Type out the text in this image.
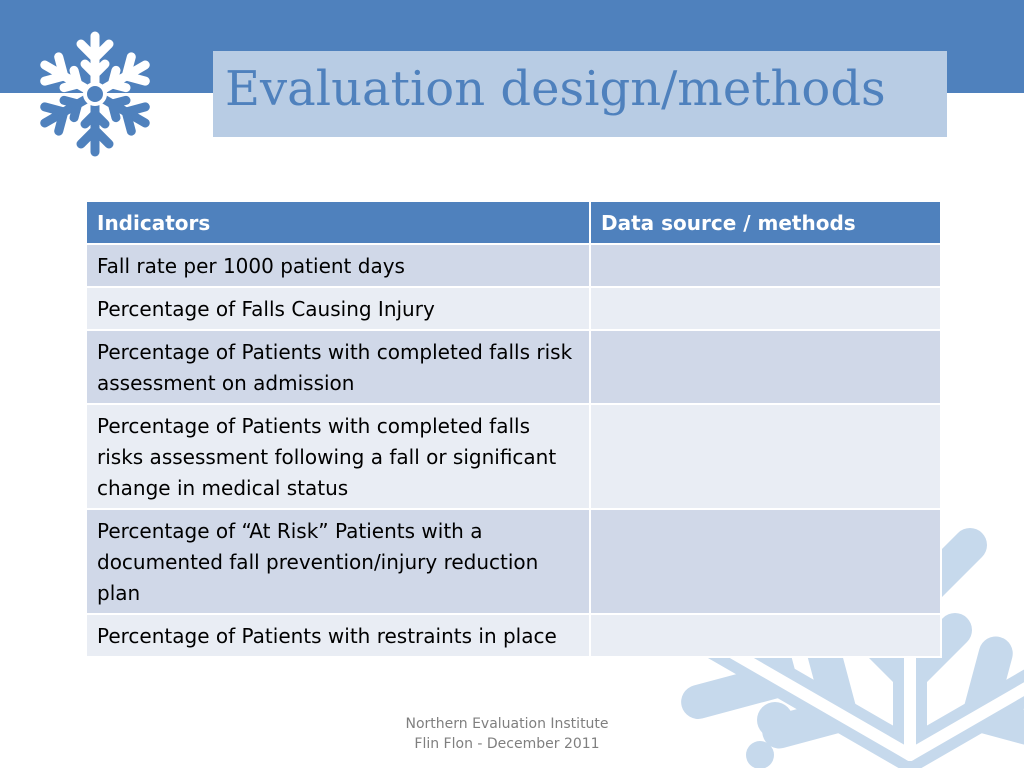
Evaluation design/methods
Indicators	Data source / methods
Fall rate per 1000 patient days	
Percentage of Falls Causing Injury	
Percentage of Patients with completed falls risk assessment on admission	
Percentage of Patients with completed falls risks assessment following a fall or significant change in medical status	
Percentage of “At Risk” Patients with a documented fall prevention/injury reduction plan	
Percentage of Patients with restraints in place	
Northern Evaluation Institute
Flin Flon - December 2011
